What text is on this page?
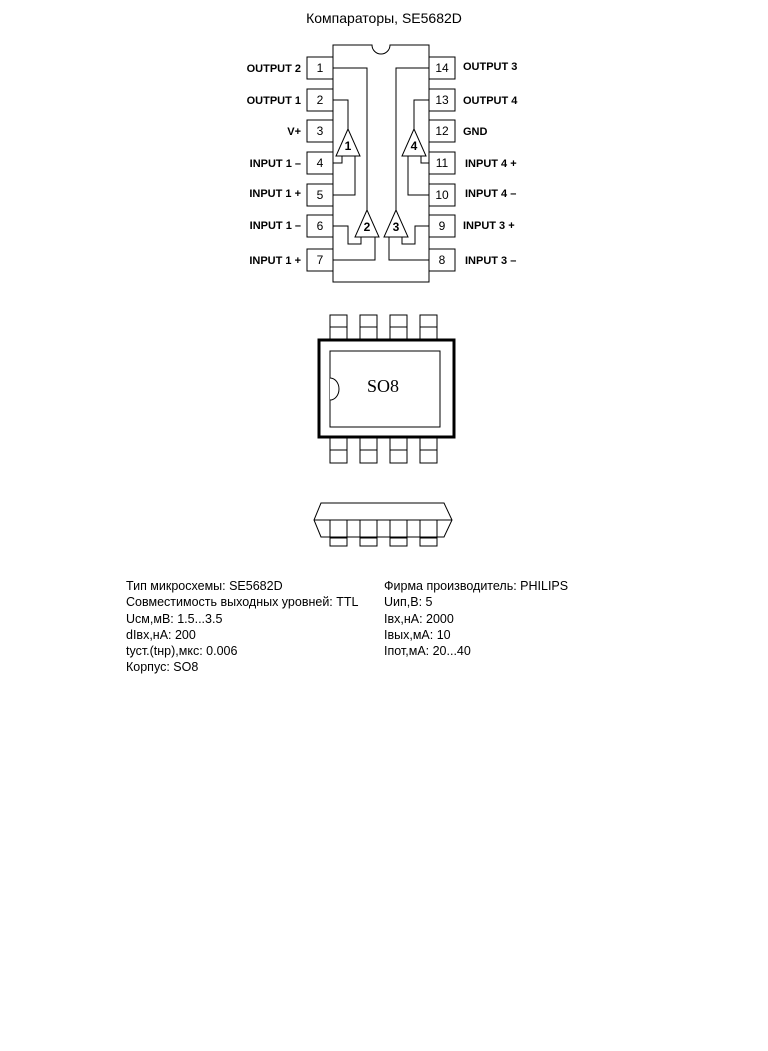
Компараторы, SE5682D
OUTPUT 2
OUTPUT 1
V+
INPUT 1 –
INPUT 1 +
INPUT 1 –
INPUT 1 +
1
2
3
4
5
6
7
14
13
12
11
10
9
8
OUTPUT 3
OUTPUT 4
GND
INPUT 4 +
INPUT 4 –
INPUT 3 +
INPUT 3 –
1
2 3
4
SO8
Тип микросхемы: SE5682D
Совместимость выходных уровней: TTL
Uсм,мВ: 1.5...3.5
dIвх,нА: 200
tуст.(tнр),мкс: 0.006
Корпус: SO8
Фирма производитель: PHILIPS
Uип,В: 5
Iвх,нА: 2000
Iвых,мА: 10
Iпот,мА: 20...40
